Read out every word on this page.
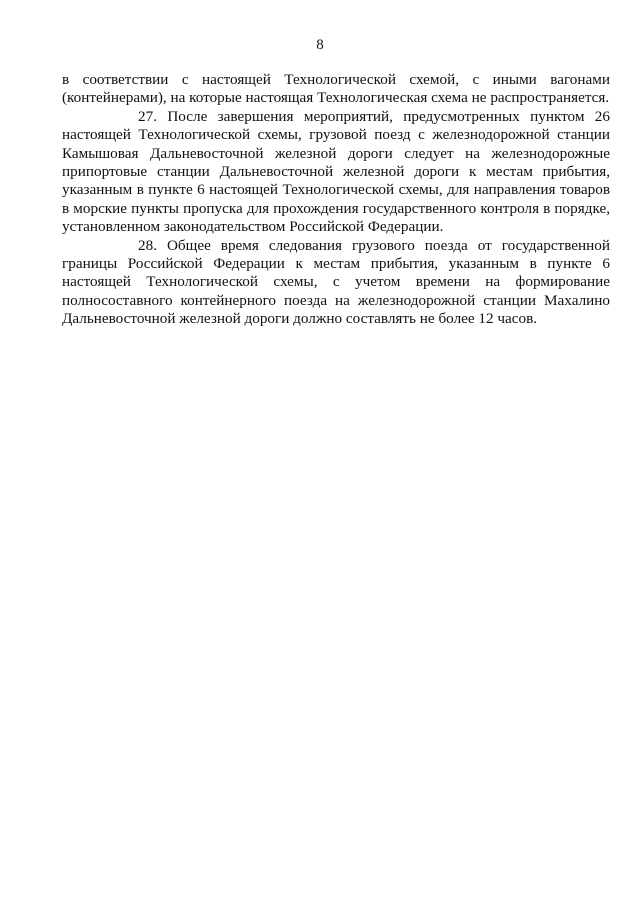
8

в соответствии с настоящей Технологической схемой, с иными вагонами (контейнерами), на которые настоящая Технологическая схема не распространяется.

27. После завершения мероприятий, предусмотренных пунктом 26 настоящей Технологической схемы, грузовой поезд с железнодорожной станции Камышовая Дальневосточной железной дороги следует на железнодорожные припортовые станции Дальневосточной железной дороги к местам прибытия, указанным в пункте 6 настоящей Технологической схемы, для направления товаров в морские пункты пропуска для прохождения государственного контроля в порядке, установленном законодательством Российской Федерации.

28. Общее время следования грузового поезда от государственной границы Российской Федерации к местам прибытия, указанным в пункте 6 настоящей Технологической схемы, с учетом времени на формирование полносоставного контейнерного поезда на железнодорожной станции Махалино Дальневосточной железной дороги должно составлять не более 12 часов.
